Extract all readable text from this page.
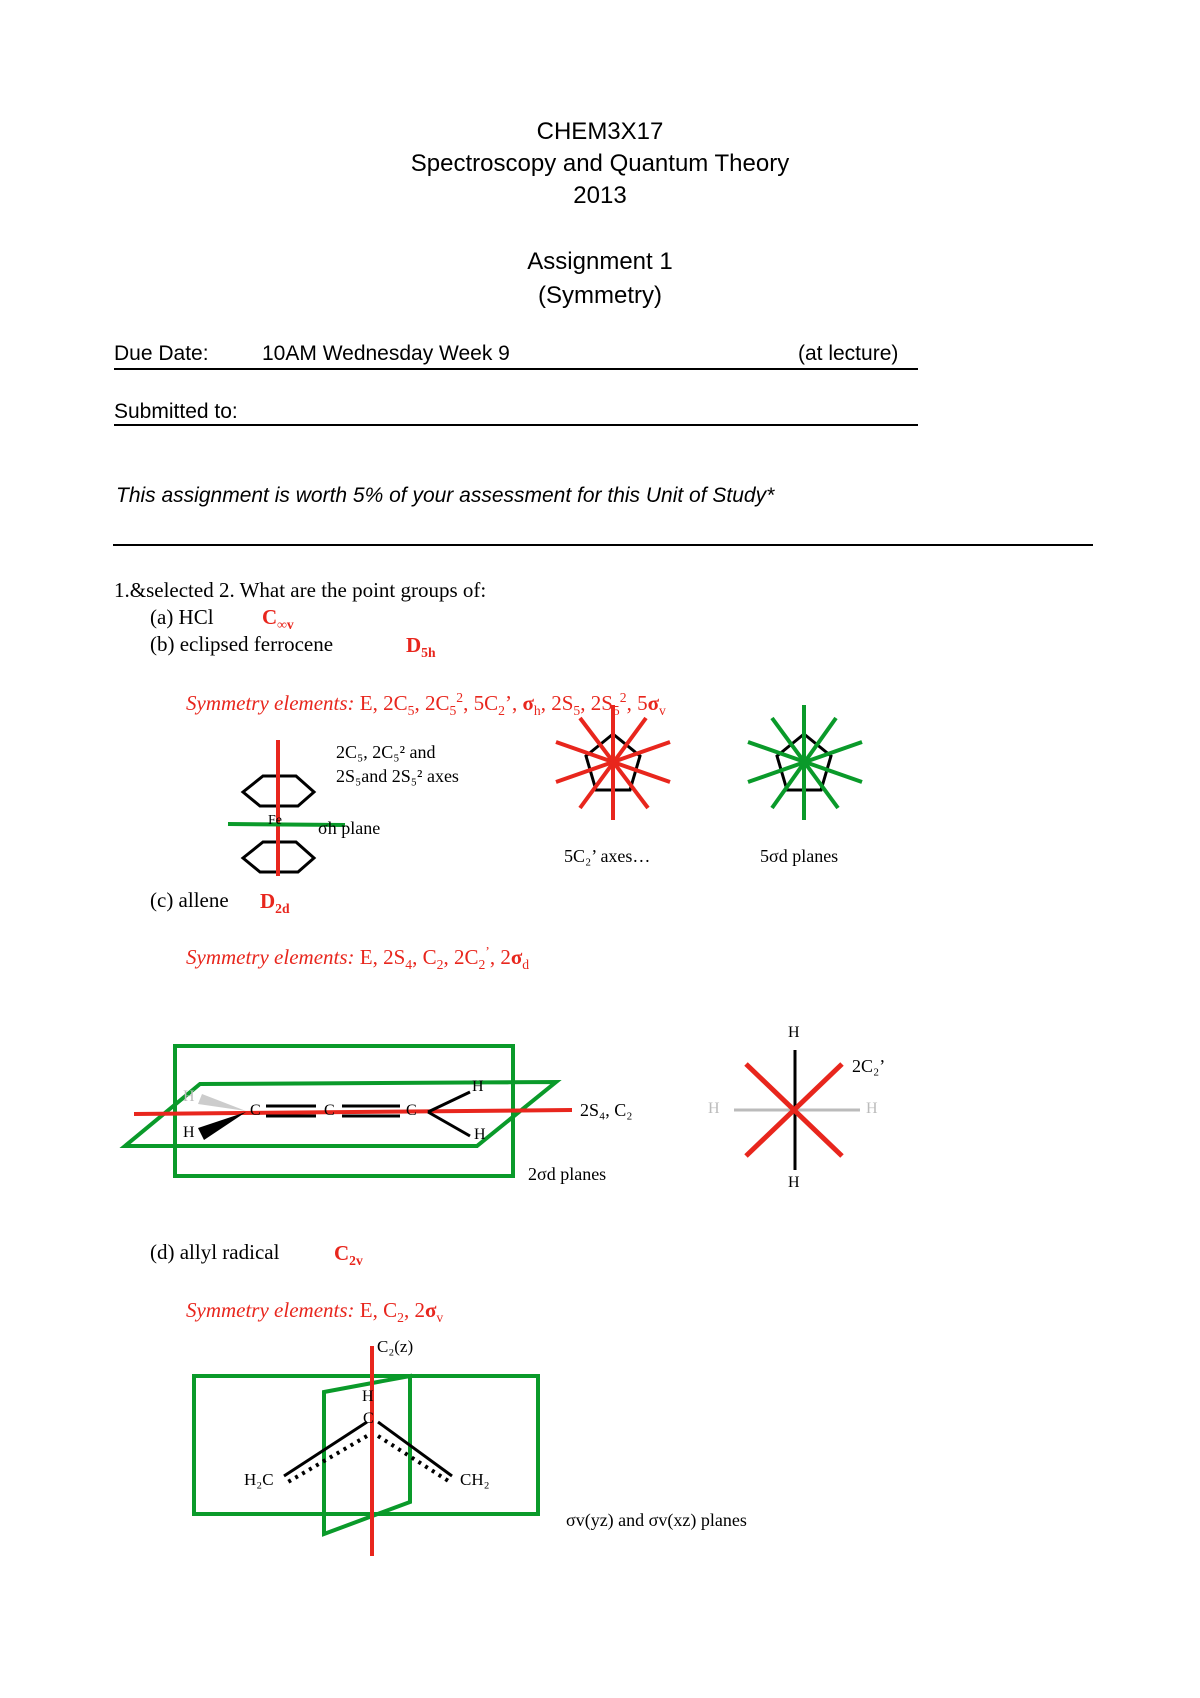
CHEM3X17
Spectroscopy and Quantum Theory
2013
Assignment 1
(Symmetry)
Due Date:	10AM Wednesday Week 9	(at lecture)
Submitted to:
This assignment is worth 5% of your assessment for this Unit of Study*
1.&selected 2. What are the point groups of:
(a) HCl $C_{\infty v}$
(b) eclipsed ferrocene	$D_{5h}$
Symmetry elements: E, $2C_5$, $2C_5^2$, $5C_2$’, $\sigma_h$, $2S_5$, $2S_5^2$, $5\sigma_v$
Fe
2C₅, 2C₅² and
2S₅and 2S₅² axes
σh plane
5C₂’ axes…	5σd planes
(c) allene $D_{2d}$
Symmetry elements: E, $2S_4$, $C_2$, $2C_2^’$, $2\sigma_d$
H
H
C	C	C
H
H
2S₄, C₂
2σd planes
H
H
H	H
2C₂’
(d) allyl radical	$C_{2v}$
Symmetry elements: E, $C_2$, $2\sigma_v$
C₂(z)
H
C
H₂C	CH₂
σv(yz) and σv(xz) planes
